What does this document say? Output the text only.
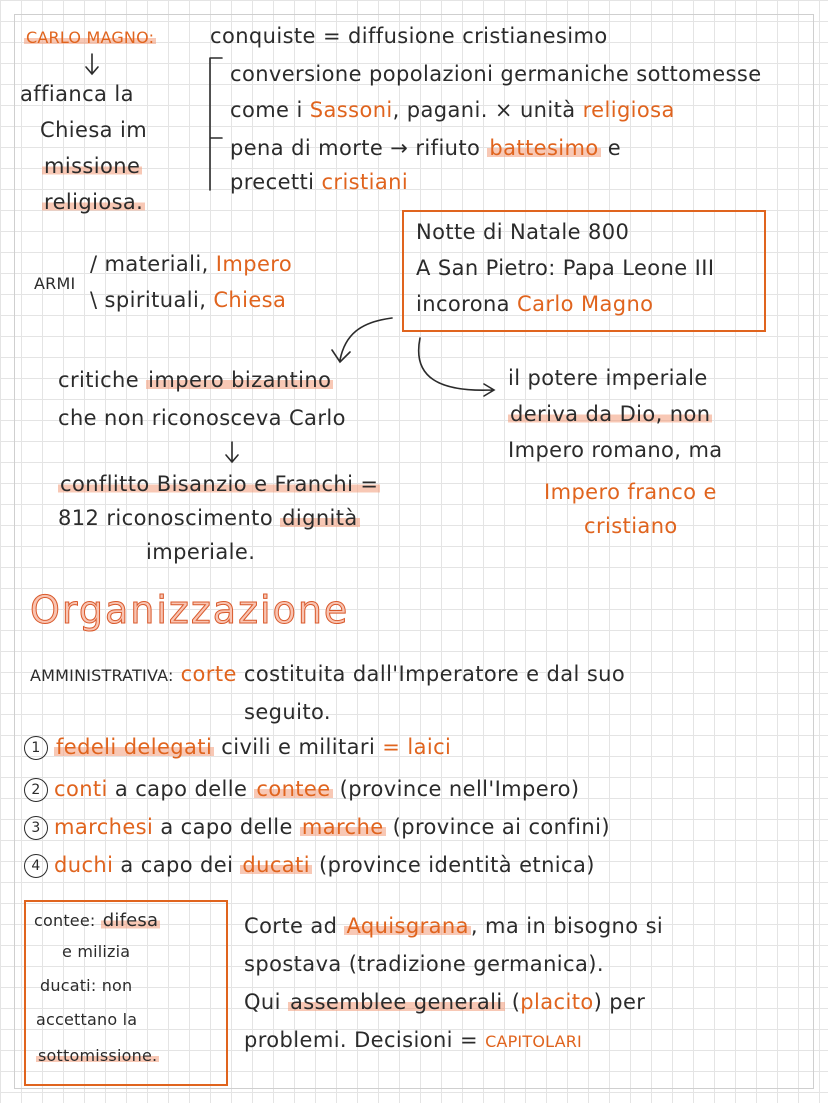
CARLO MAGNO:	conquiste = diffusione cristianesimo
affianca la
Chiesa im
missione
religiosa.
conversione popolazioni germaniche sottomesse
come i Sassoni, pagani. × unità religiosa
pena di morte → rifiuto battesimo e
precetti cristiani
ARMI
/ materiali, Impero
\ spirituali, Chiesa
Notte di Natale 800
A San Pietro: Papa Leone III
incorona Carlo Magno
critiche impero bizantino
che non riconosceva Carlo
conflitto Bisanzio e Franchi =
812 riconoscimento dignità
imperiale.
il potere imperiale
deriva da Dio, non
Impero romano, ma
Impero franco e
cristiano
Organizzazione
AMMINISTRATIVA: corte costituita dall'Imperatore e dal suo
seguito.
1 fedeli delegati civili e militari = laici
2 conti a capo delle contee (province nell'Impero)
3 marchesi a capo delle marche (province ai confini)
4 duchi a capo dei ducati (province identità etnica)
contee: difesa
e milizia
ducati: non
accettano la
sottomissione.
Corte ad Aquisgrana, ma in bisogno si
spostava (tradizione germanica).
Qui assemblee generali (placito) per
problemi. Decisioni = CAPITOLARI
